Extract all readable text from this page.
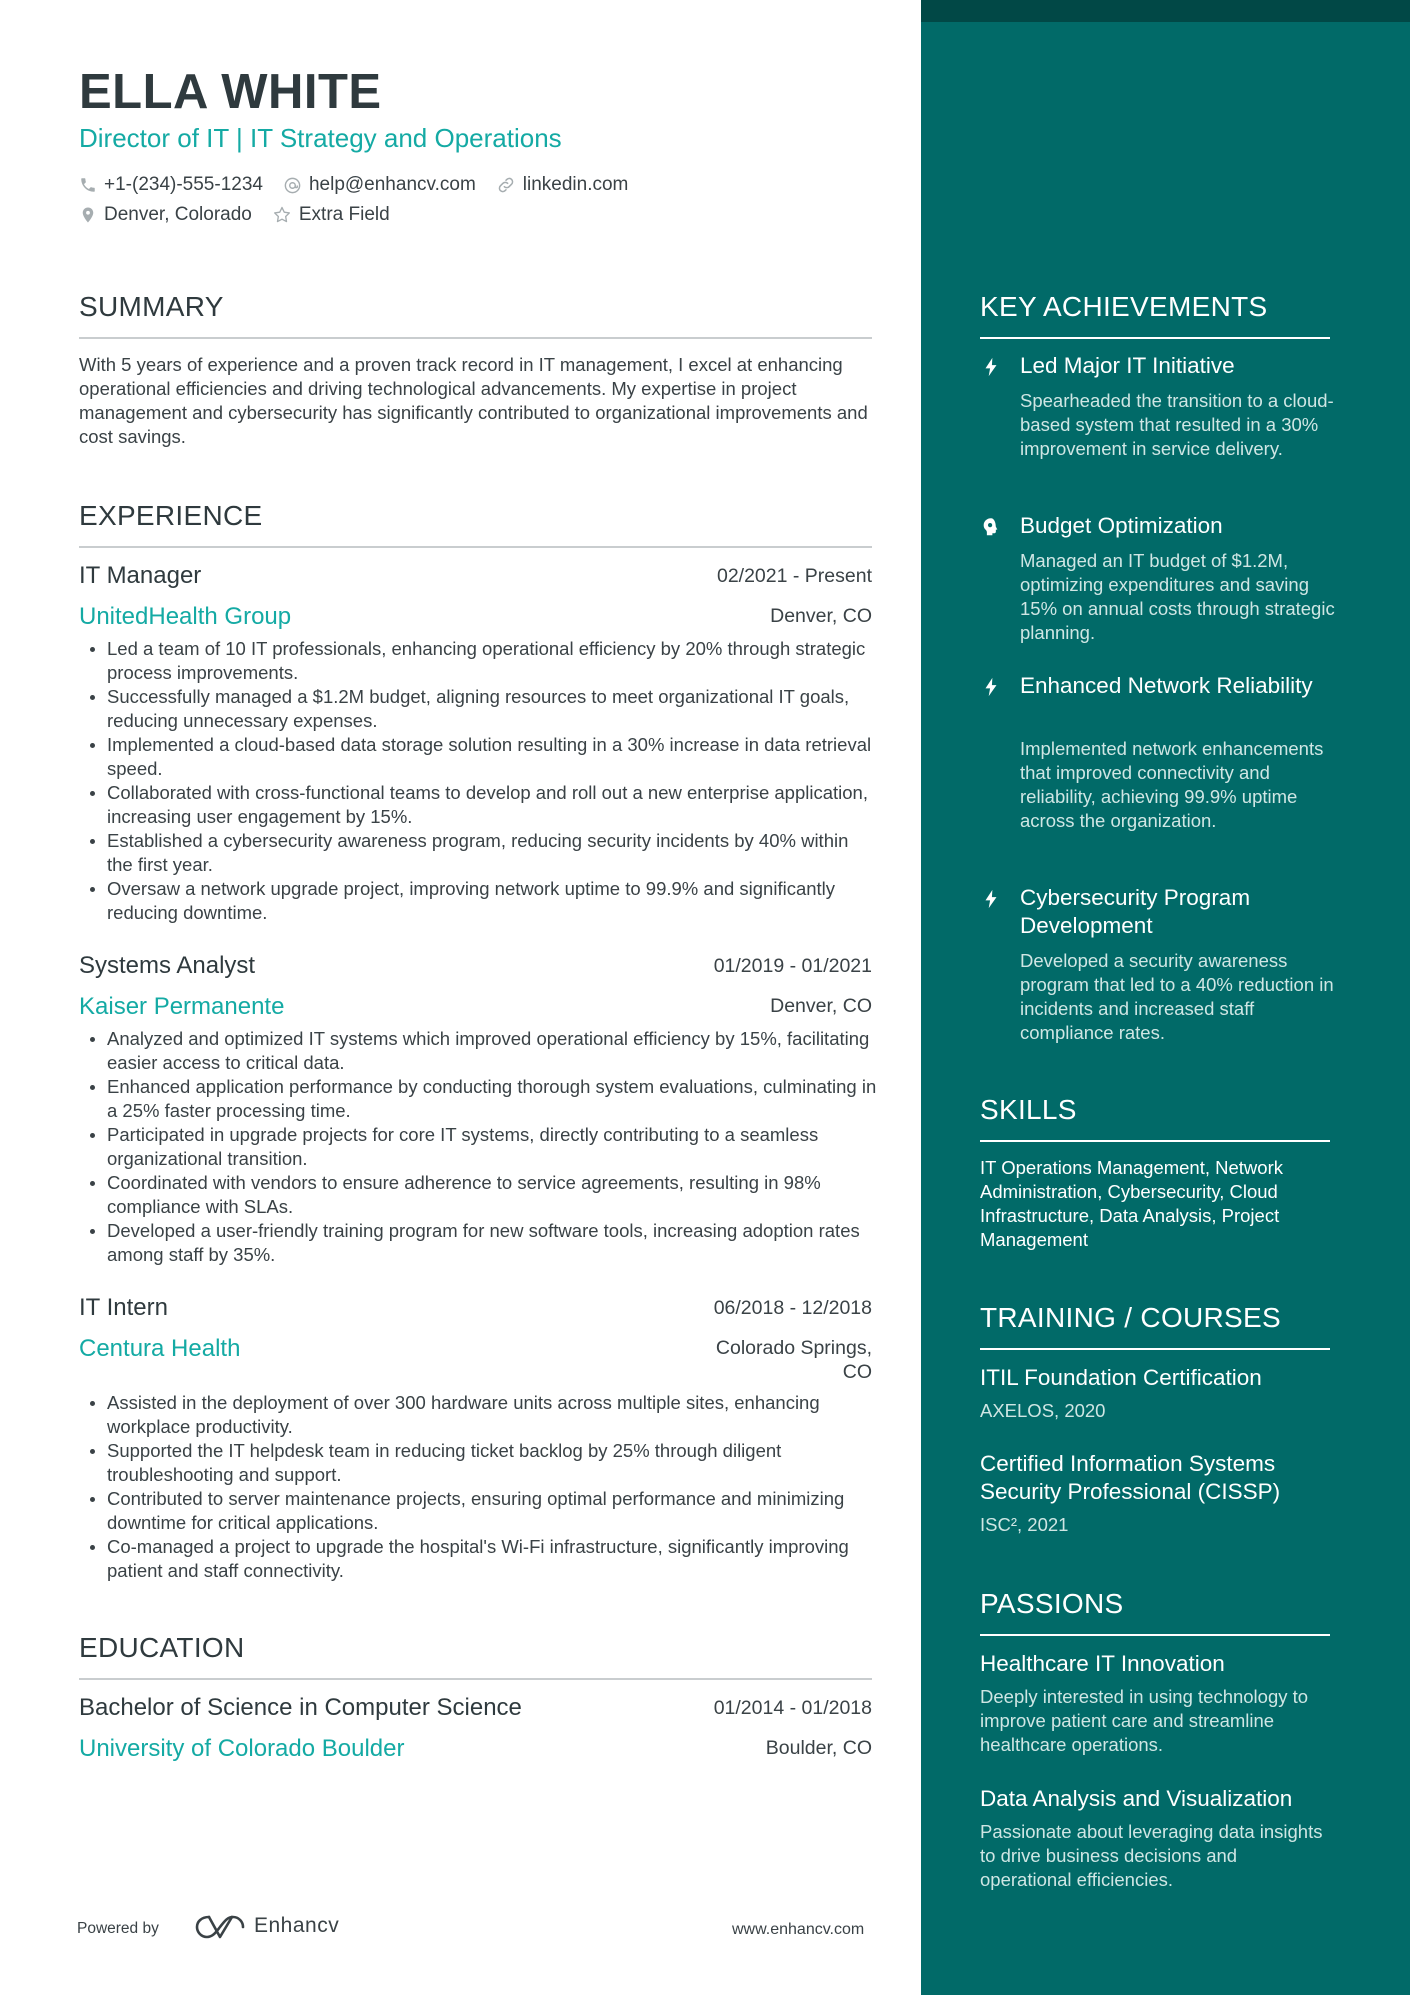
ELLA WHITE
Director of IT | IT Strategy and Operations
+1-(234)-555-1234 help@enhancv.com linkedin.com
Denver, Colorado Extra Field
SUMMARY
With 5 years of experience and a proven track record in IT management, I excel at enhancing operational efficiencies and driving technological advancements. My expertise in project management and cybersecurity has significantly contributed to organizational improvements and cost savings.
EXPERIENCE
IT Manager	02/2021 - Present
UnitedHealth Group	Denver, CO
Led a team of 10 IT professionals, enhancing operational efficiency by 20% through strategic process improvements.
Successfully managed a $1.2M budget, aligning resources to meet organizational IT goals, reducing unnecessary expenses.
Implemented a cloud-based data storage solution resulting in a 30% increase in data retrieval speed.
Collaborated with cross-functional teams to develop and roll out a new enterprise application, increasing user engagement by 15%.
Established a cybersecurity awareness program, reducing security incidents by 40% within the first year.
Oversaw a network upgrade project, improving network uptime to 99.9% and significantly reducing downtime.
Systems Analyst	01/2019 - 01/2021
Kaiser Permanente	Denver, CO
Analyzed and optimized IT systems which improved operational efficiency by 15%, facilitating easier access to critical data.
Enhanced application performance by conducting thorough system evaluations, culminating in a 25% faster processing time.
Participated in upgrade projects for core IT systems, directly contributing to a seamless organizational transition.
Coordinated with vendors to ensure adherence to service agreements, resulting in 98% compliance with SLAs.
Developed a user-friendly training program for new software tools, increasing adoption rates among staff by 35%.
IT Intern	06/2018 - 12/2018
Centura Health	Colorado Springs,
CO
Assisted in the deployment of over 300 hardware units across multiple sites, enhancing workplace productivity.
Supported the IT helpdesk team in reducing ticket backlog by 25% through diligent troubleshooting and support.
Contributed to server maintenance projects, ensuring optimal performance and minimizing downtime for critical applications.
Co-managed a project to upgrade the hospital's Wi-Fi infrastructure, significantly improving patient and staff connectivity.
EDUCATION
Bachelor of Science in Computer Science	01/2014 - 01/2018
University of Colorado Boulder	Boulder, CO
Powered by	Enhancv	www.enhancv.com
KEY ACHIEVEMENTS
Led Major IT Initiative
Spearheaded the transition to a cloud-based system that resulted in a 30% improvement in service delivery.
Budget Optimization
Managed an IT budget of $1.2M, optimizing expenditures and saving 15% on annual costs through strategic planning.
Enhanced Network Reliability
Implemented network enhancements that improved connectivity and reliability, achieving 99.9% uptime across the organization.
Cybersecurity Program Development
Developed a security awareness program that led to a 40% reduction in incidents and increased staff compliance rates.
SKILLS
IT Operations Management, Network Administration, Cybersecurity, Cloud Infrastructure, Data Analysis, Project Management
TRAINING / COURSES
ITIL Foundation Certification
AXELOS, 2020
Certified Information Systems Security Professional (CISSP)
ISC², 2021
PASSIONS
Healthcare IT Innovation
Deeply interested in using technology to improve patient care and streamline healthcare operations.
Data Analysis and Visualization
Passionate about leveraging data insights to drive business decisions and operational efficiencies.
